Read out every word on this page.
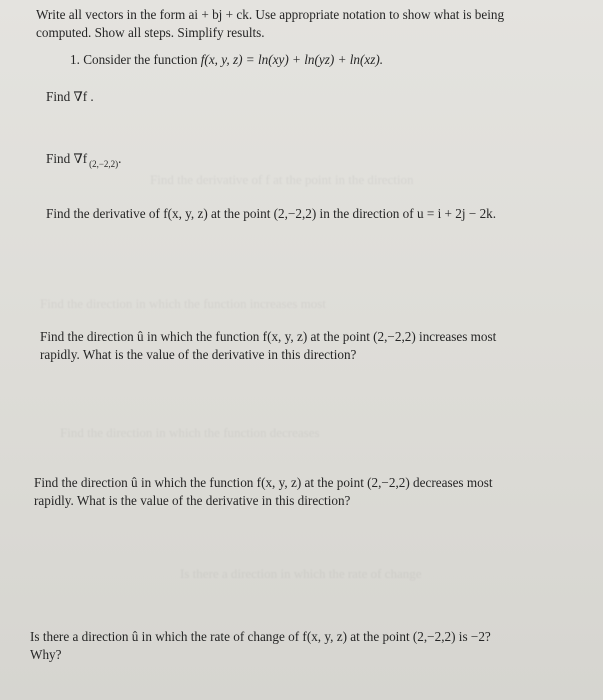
Write all vectors in the form ai + bj + ck. Use appropriate notation to show what is being
computed. Show all steps. Simplify results.
1. Consider the function f(x, y, z) = ln(xy) + ln(yz) + ln(xz).
Find ∇f .
Find ∇f $_{(2,-2,2)}$.
Find the derivative of f at the point in the direction
Find the derivative of f(x, y, z) at the point (2,−2,2) in the direction of u = i + 2j − 2k.
Find the direction in which the function increases most
Find the direction û in which the function f(x, y, z) at the point (2,−2,2) increases most
rapidly. What is the value of the derivative in this direction?
Find the direction in which the function decreases
Find the direction û in which the function f(x, y, z) at the point (2,−2,2) decreases most
rapidly. What is the value of the derivative in this direction?
Is there a direction in which the rate of change
Is there a direction û in which the rate of change of f(x, y, z) at the point (2,−2,2) is −2?
Why?
